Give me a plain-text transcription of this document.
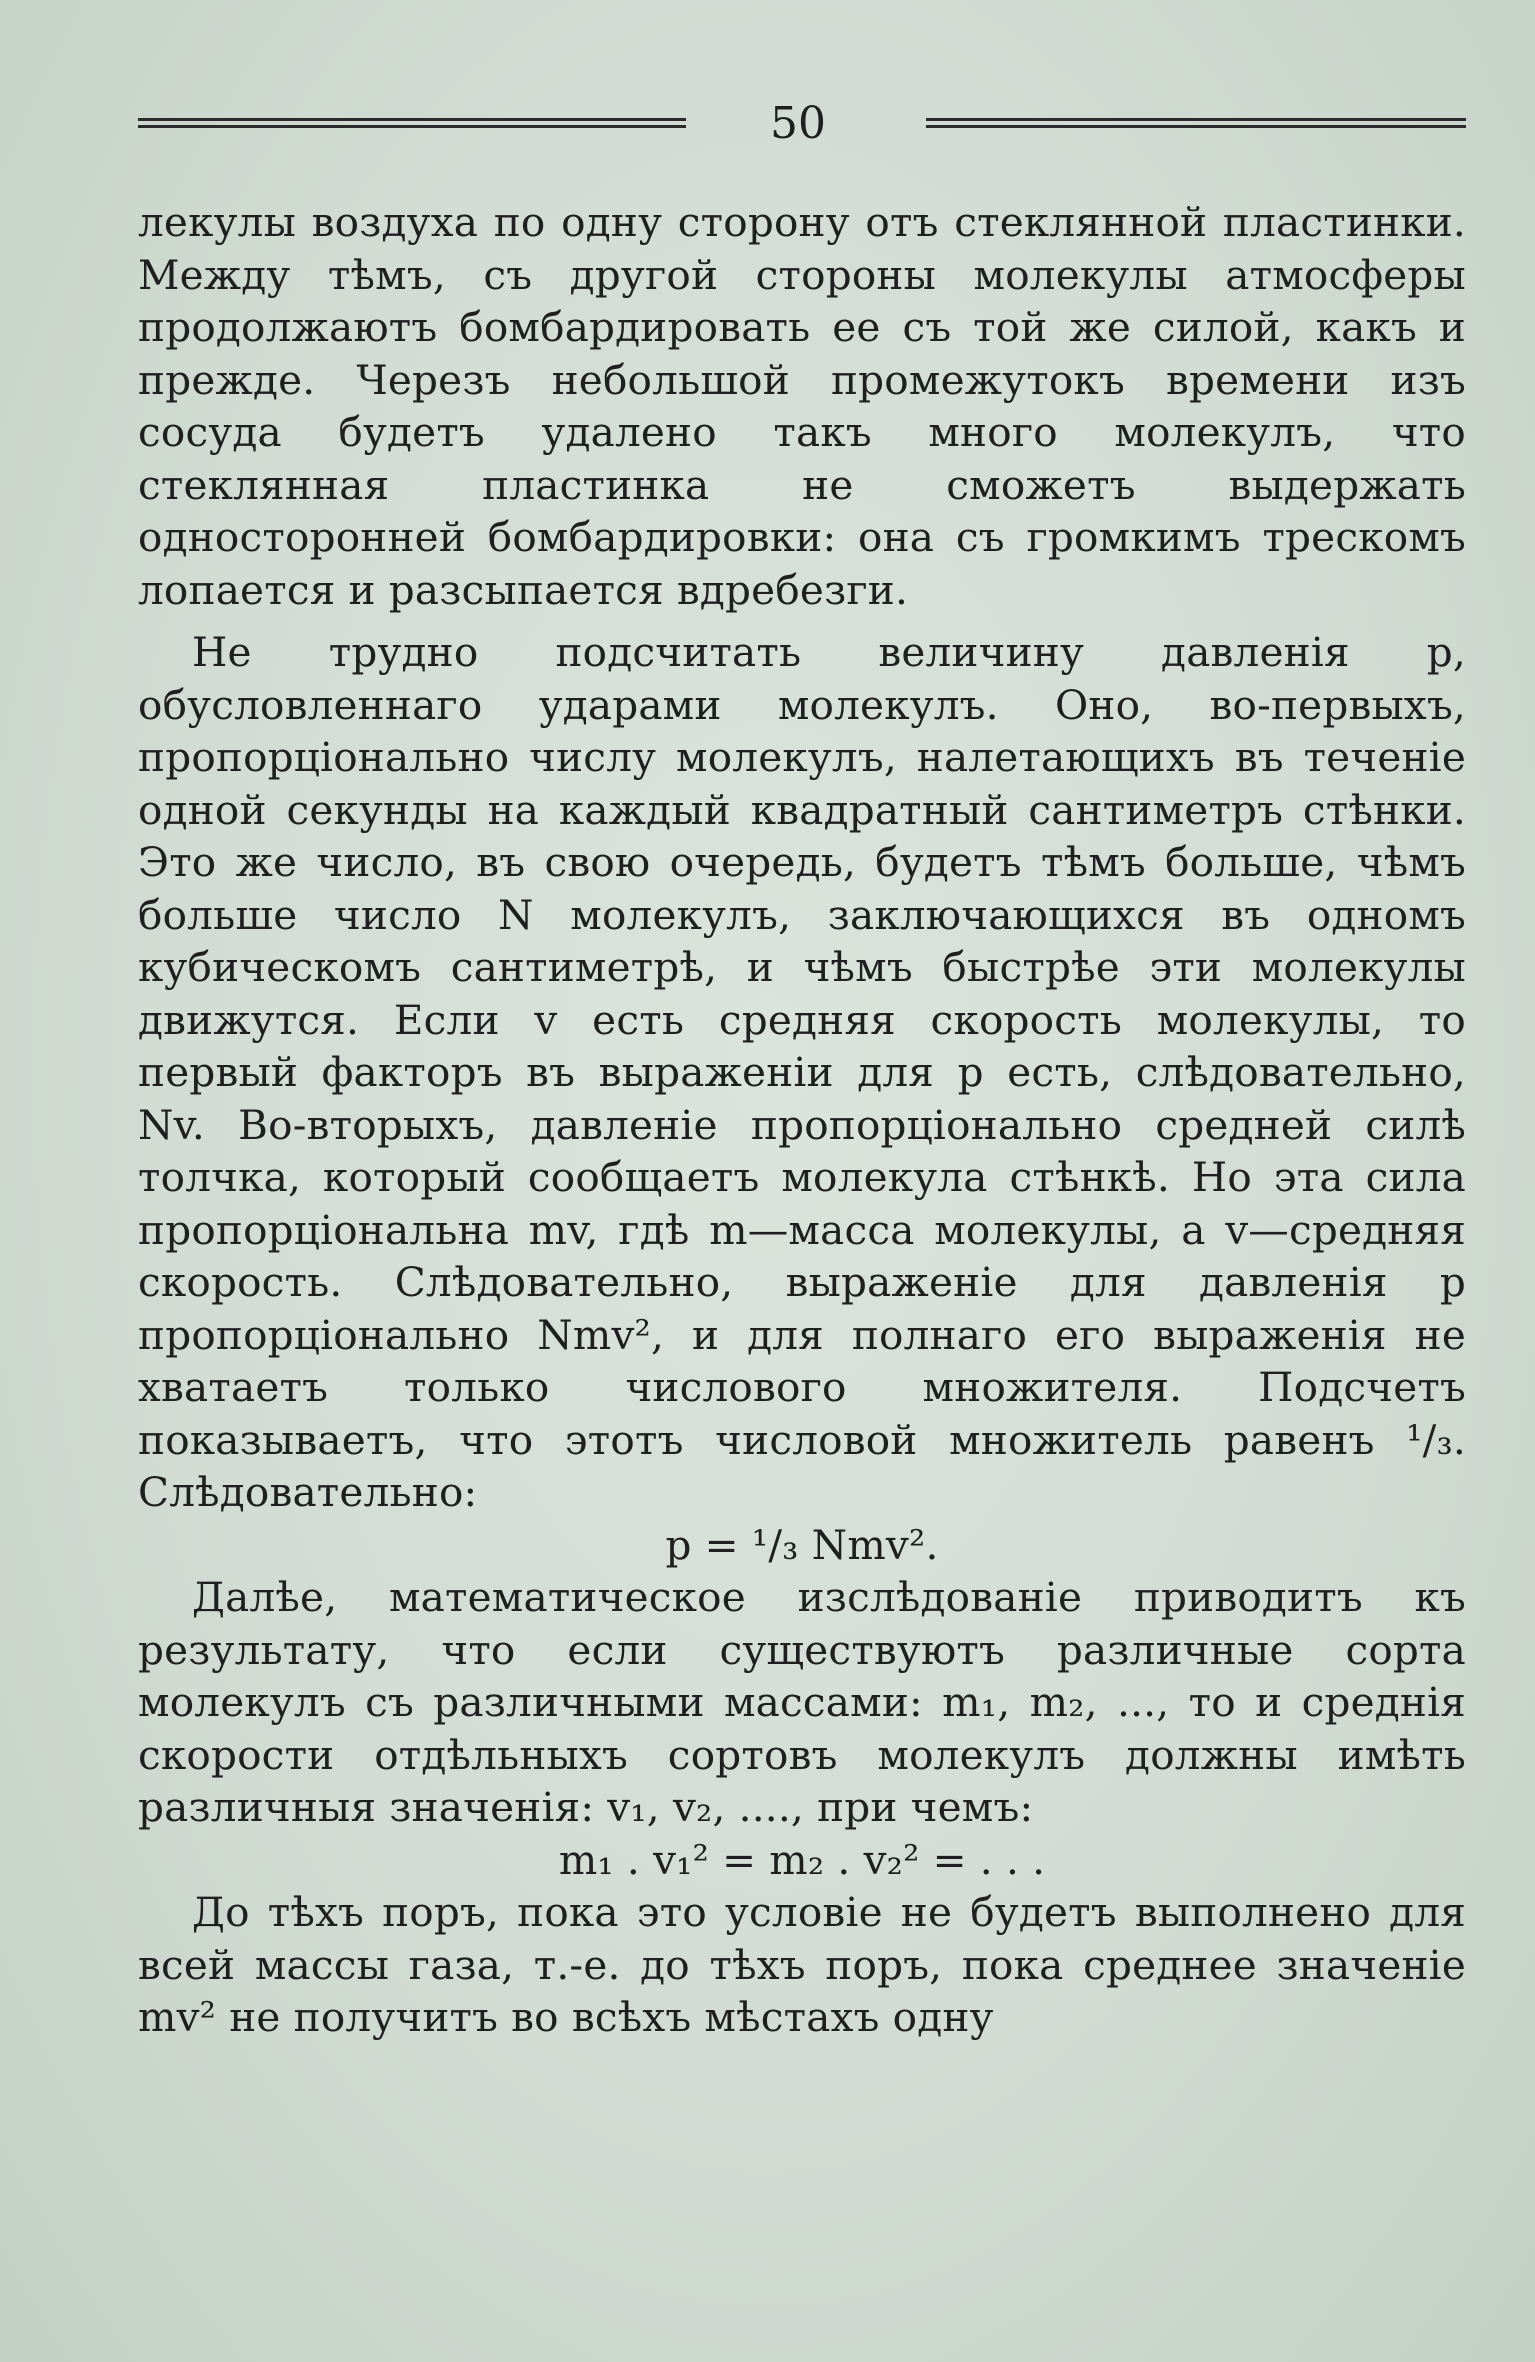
50

лекулы воздуха по одну сторону отъ стеклянной пластинки. Между тѣмъ, съ другой стороны молекулы атмосферы продолжаютъ бомбардировать ее съ той же силой, какъ и прежде. Черезъ небольшой промежутокъ времени изъ сосуда будетъ удалено такъ много молекулъ, что стеклянная пластинка не сможетъ выдержать односторонней бомбардировки: она съ громкимъ трескомъ лопается и разсыпается вдребезги.

Не трудно подсчитать величину давленія p, обусловленнаго ударами молекулъ. Оно, во-первыхъ, пропорціонально числу молекулъ, налетающихъ въ теченіе одной секунды на каждый квадратный сантиметръ стѣнки. Это же число, въ свою очередь, будетъ тѣмъ больше, чѣмъ больше число N молекулъ, заключающихся въ одномъ кубическомъ сантиметрѣ, и чѣмъ быстрѣе эти молекулы движутся. Если v есть средняя скорость молекулы, то первый факторъ въ выраженіи для p есть, слѣдовательно, Nv. Во-вторыхъ, давленіе пропорціонально средней силѣ толчка, который сообщаетъ молекула стѣнкѣ. Но эта сила пропорціональна mv, гдѣ m—масса молекулы, а v—средняя скорость. Слѣдовательно, выраженіе для давленія p пропорціонально Nmv², и для полнаго его выраженія не хватаетъ только числового множителя. Подсчетъ показываетъ, что этотъ числовой множитель равенъ ¹/₃. Слѣдовательно:

p = ¹/₃ Nmv².

Далѣе, математическое изслѣдованіе приводитъ къ результату, что если существуютъ различные сорта молекулъ съ различными массами: m₁, m₂, ..., то и среднія скорости отдѣльныхъ сортовъ молекулъ должны имѣть различныя значенія: v₁, v₂, ...., при чемъ:

m₁ . v₁² = m₂ . v₂² = . . .

До тѣхъ поръ, пока это условіе не будетъ выполнено для всей массы газа, т.-е. до тѣхъ поръ, пока среднее значеніе mv² не получитъ во всѣхъ мѣстахъ одну
